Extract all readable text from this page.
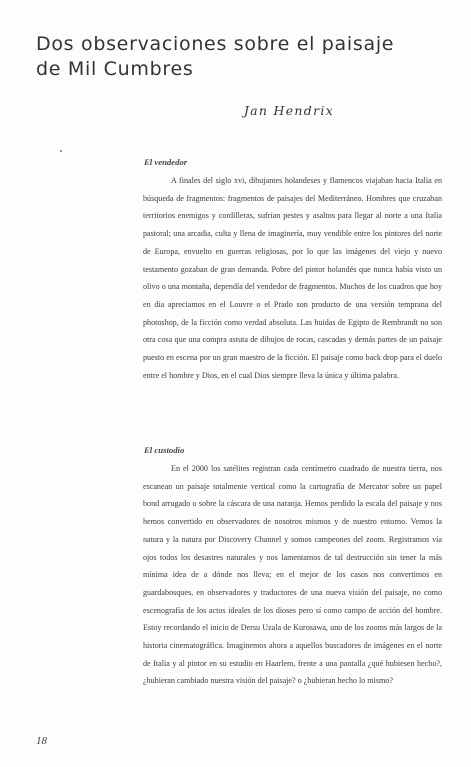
Dos observaciones sobre el paisaje
de Mil Cumbres
Jan Hendrix
El vendedor

A finales del siglo xvi, dibujantes holandeses y flamencos viajaban hacia Italia en búsqueda de fragmentos: fragmentos de paisajes del Mediterráneo. Hombres que cruzaban territorios enemigos y cordilleras, sufrían pestes y asaltos para llegar al norte a una Italia pastoral; una arcadia, culta y llena de imaginería, muy vendible entre los pintores del norte de Europa, envuelto en guerras religiosas, por lo que las imágenes del viejo y nuevo testamento gozaban de gran demanda. Pobre del pintor holandés que nunca había visto un olivo o una montaña, dependía del vendedor de fragmentos. Muchos de los cuadros que hoy en día apreciamos en el Louvre o el Prado son producto de una versión temprana del photoshop, de la ficción como verdad absoluta. Las huidas de Egipto de Rembrandt no son otra cosa que una compra astuta de dibujos de rocas, cascadas y demás partes de un paisaje puesto en escena por un gran maestro de la ficción. El paisaje como back drop para el duelo entre el hombre y Dios, en el cual Dios siempre lleva la única y última palabra.

El custodio

En el 2000 los satélites registran cada centímetro cuadrado de nuestra tierra, nos escanean un paisaje totalmente vertical como la cartografía de Mercator sobre un papel bond arrugado o sobre la cáscara de una naranja. Hemos perdido la escala del paisaje y nos hemos convertido en observadores de nosotros mismos y de nuestro entorno. Vemos la natura y la natura por Discovery Channel y somos campeones del zoom. Registramos vía ojos todos los desastres naturales y nos lamentamos de tal destrucción sin tener la más mínima idea de a dónde nos lleva; en el mejor de los casos nos convertimos en guardabosques, en observadores y traductores de una nueva visión del paisaje, no como escenografía de los actos ideales de los dioses pero sí como campo de acción del hombre. Estoy recordando el inicio de Dersu Uzala de Kurosawa, uno de los zooms más largos de la historia cinematográfica. Imaginemos ahora a aquellos buscadores de imágenes en el norte de Italia y al pintor en su estudio en Haarlem, frente a una pantalla ¿qué hubiesen hecho?, ¿hubieran cambiado nuestra visión del paisaje? o ¿hubieran hecho lo mismo?

18
